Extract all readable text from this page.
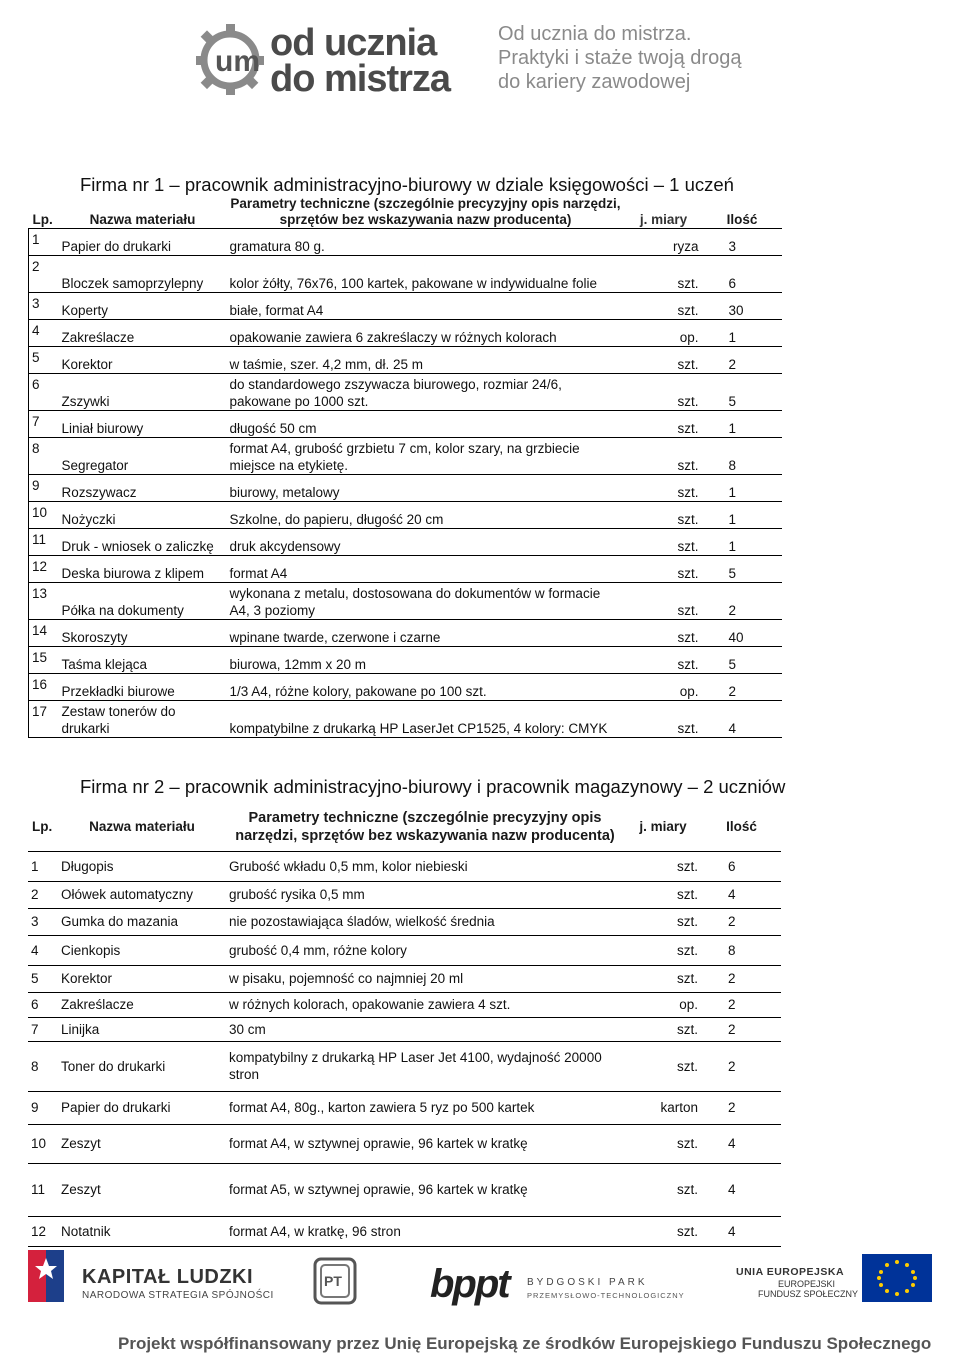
um od ucznia
do mistrza
Od ucznia do mistrza.
Praktyki i staże twoją drogą
do kariery zawodowej
Firma nr 1 – pracownik administracyjno-biurowy w dziale księgowości – 1 uczeń
Lp.	Nazwa materiału	Parametry techniczne (szczególnie precyzyjny opis narzędzi, sprzętów bez wskazywania nazw producenta)	j. miary	Ilość
1	Papier do drukarki	gramatura 80 g.	ryza	3
2	Bloczek samoprzylepny	kolor żółty, 76x76, 100 kartek, pakowane w indywidualne folie	szt.	6
3	Koperty	białe, format A4	szt.	30
4	Zakreślacze	opakowanie zawiera 6 zakreślaczy w różnych kolorach	op.	1
5	Korektor	w taśmie, szer. 4,2 mm, dł. 25 m	szt.	2
6	Zszywki	do standardowego zszywacza biurowego, rozmiar 24/6, pakowane po 1000 szt.	szt.	5
7	Liniał biurowy	długość 50 cm	szt.	1
8	Segregator	format A4, grubość grzbietu 7 cm, kolor szary, na grzbiecie miejsce na etykietę.	szt.	8
9	Rozszywacz	biurowy, metalowy	szt.	1
10	Nożyczki	Szkolne, do papieru, długość 20 cm	szt.	1
11	Druk - wniosek o zaliczkę	druk akcydensowy	szt.	1
12	Deska biurowa z klipem	format A4	szt.	5
13	Półka na dokumenty	wykonana z metalu, dostosowana do dokumentów w formacie A4, 3 poziomy	szt.	2
14	Skoroszyty	wpinane twarde, czerwone i czarne	szt.	40
15	Taśma klejąca	biurowa, 12mm x 20 m	szt.	5
16	Przekładki biurowe	1/3 A4, różne kolory, pakowane po 100 szt.	op.	2
17	Zestaw tonerów do drukarki	kompatybilne z drukarką HP LaserJet CP1525, 4 kolory: CMYK	szt.	4
Firma nr 2 – pracownik administracyjno-biurowy i pracownik magazynowy – 2 uczniów
Lp.	Nazwa materiału	Parametry techniczne (szczególnie precyzyjny opis narzędzi, sprzętów bez wskazywania nazw producenta)	j. miary	Ilość
1	Długopis	Grubość wkładu 0,5 mm, kolor niebieski	szt.	6
2	Ołówek automatyczny	grubość rysika 0,5 mm	szt.	4
3	Gumka do mazania	nie pozostawiająca śladów, wielkość średnia	szt.	2
4	Cienkopis	grubość 0,4 mm, różne kolory	szt.	8
5	Korektor	w pisaku, pojemność co najmniej 20 ml	szt.	2
6	Zakreślacze	w różnych kolorach, opakowanie zawiera 4 szt.	op.	2
7	Linijka	30 cm	szt.	2
8	Toner do drukarki	kompatybilny z drukarką HP Laser Jet 4100, wydajność 20000 stron	szt.	2
9	Papier do drukarki	format A4, 80g., karton zawiera 5 ryz po 500 kartek	karton	2
10	Zeszyt	format A4, w sztywnej oprawie, 96 kartek w kratkę	szt.	4
11	Zeszyt	format A5, w sztywnej oprawie, 96 kartek w kratkę	szt.	4
12	Notatnik	format A4, w kratkę, 96 stron	szt.	4
KAPITAŁ LUDZKI
NARODOWA STRATEGIA SPÓJNOŚCI
PT bppt BYDGOSKI PARK
PRZEMYSŁOWO-TECHNOLOGICZNY
UNIA EUROPEJSKA
EUROPEJSKI
FUNDUSZ SPOŁECZNY
Projekt współfinansowany przez Unię Europejską ze środków Europejskiego Funduszu Społecznego
